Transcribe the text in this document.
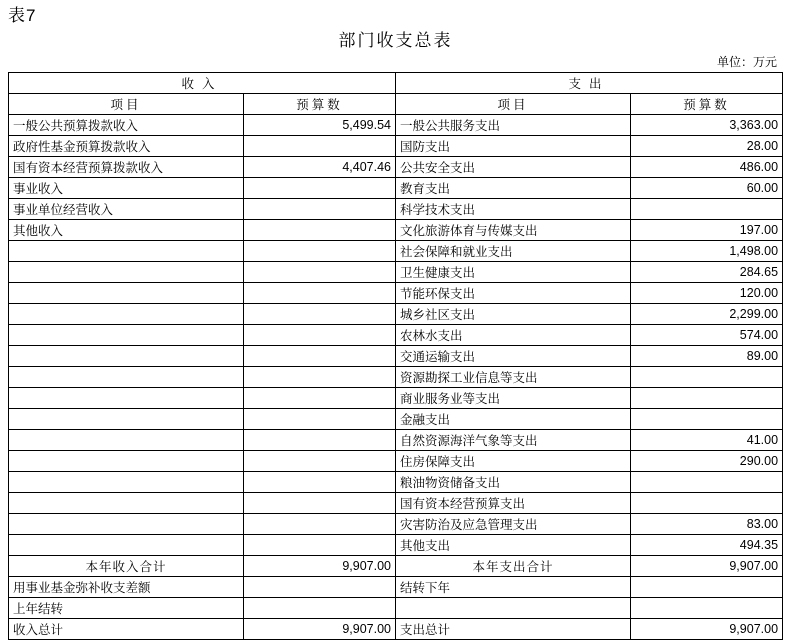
表7
部门收支总表
单位：万元
收入		支出	
项目	预算数	项目	预算数
一般公共预算拨款收入	5,499.54	一般公共服务支出	3,363.00
政府性基金预算拨款收入		国防支出	28.00
国有资本经营预算拨款收入	4,407.46	公共安全支出	486.00
事业收入		教育支出	60.00
事业单位经营收入		科学技术支出	
其他收入		文化旅游体育与传媒支出	197.00
		社会保障和就业支出	1,498.00
		卫生健康支出	284.65
		节能环保支出	120.00
		城乡社区支出	2,299.00
		农林水支出	574.00
		交通运输支出	89.00
		资源勘探工业信息等支出	
		商业服务业等支出	
		金融支出	
		自然资源海洋气象等支出	41.00
		住房保障支出	290.00
		粮油物资储备支出	
		国有资本经营预算支出	
		灾害防治及应急管理支出	83.00
		其他支出	494.35
本年收入合计	9,907.00	本年支出合计	9,907.00
用事业基金弥补收支差额		结转下年	
上年结转			
收入总计	9,907.00	支出总计	9,907.00
